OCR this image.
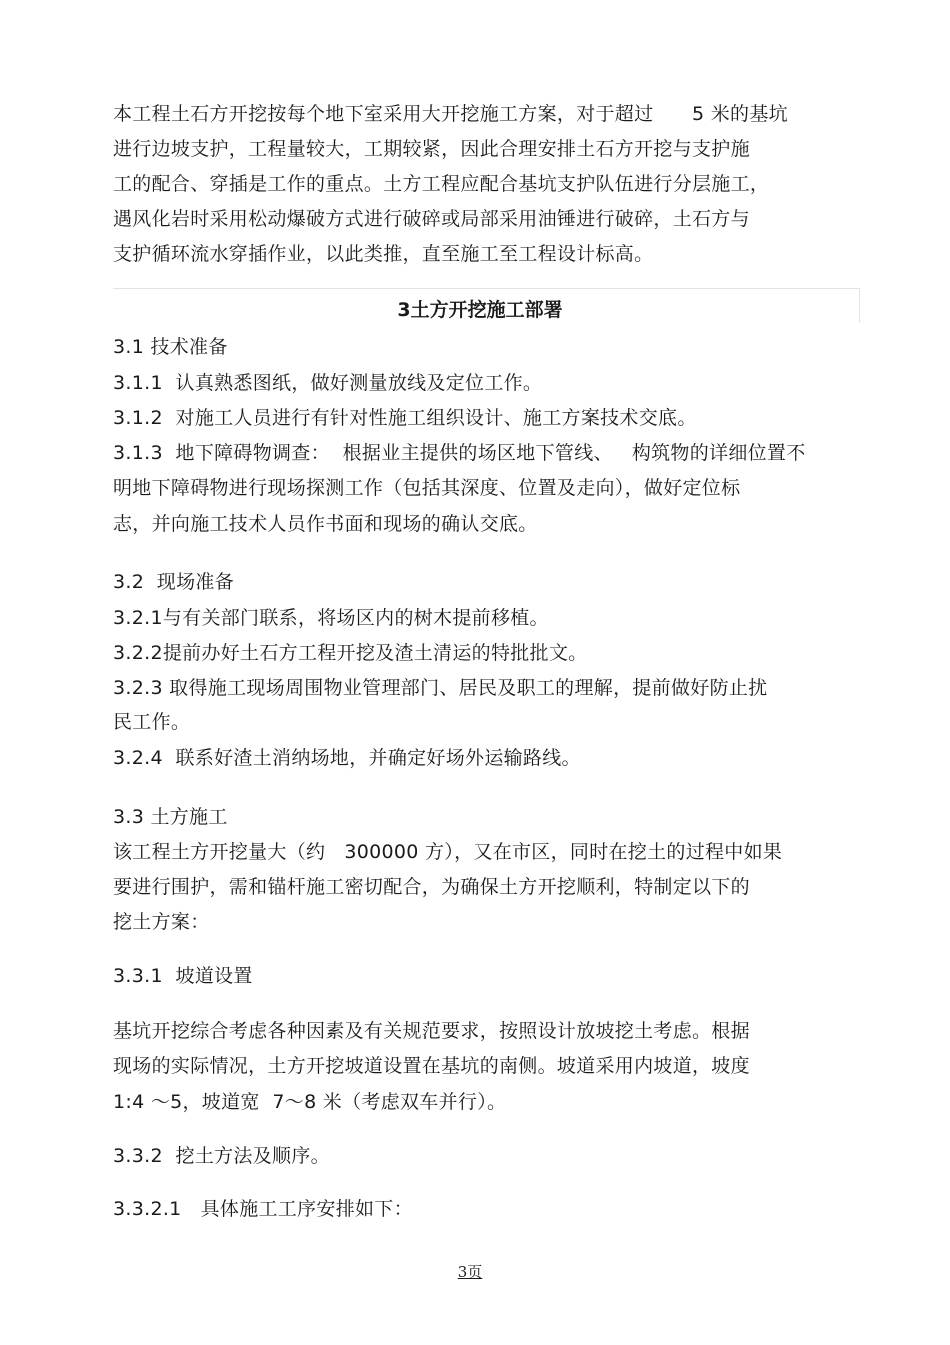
本工程土石方开挖按每个地下室采用大开挖施工方案，对于超过　　5 米的基坑

进行边坡支护，工程量较大，工期较紧，因此合理安排土石方开挖与支护施

工的配合、穿插是工作的重点。土方工程应配合基坑支护队伍进行分层施工，

遇风化岩时采用松动爆破方式进行破碎或局部采用油锤进行破碎，土石方与

支护循环流水穿插作业，以此类推，直至施工至工程设计标高。

3土方开挖施工部署

3.1 技术准备

3.1.1  认真熟悉图纸，做好测量放线及定位工作。

3.1.2  对施工人员进行有针对性施工组织设计、施工方案技术交底。

3.1.3  地下障碍物调查：  根据业主提供的场区地下管线、   构筑物的详细位置不

明地下障碍物进行现场探测工作（包括其深度、位置及走向），做好定位标

志，并向施工技术人员作书面和现场的确认交底。

3.2  现场准备

3.2.1与有关部门联系，将场区内的树木提前移植。

3.2.2提前办好土石方工程开挖及渣土清运的特批批文。

3.2.3 取得施工现场周围物业管理部门、居民及职工的理解，提前做好防止扰

民工作。

3.2.4  联系好渣土消纳场地，并确定好场外运输路线。

3.3 土方施工

该工程土方开挖量大（约   300000 方），又在市区，同时在挖土的过程中如果

要进行围护，需和锚杆施工密切配合，为确保土方开挖顺利，特制定以下的

挖土方案：

3.3.1  坡道设置

基坑开挖综合考虑各种因素及有关规范要求，按照设计放坡挖土考虑。根据

现场的实际情况，土方开挖坡道设置在基坑的南侧。坡道采用内坡道，坡度

1:4 ～5，坡道宽  7～8 米（考虑双车并行）。

3.3.2  挖土方法及顺序。

3.3.2.1   具体施工工序安排如下：

3页
